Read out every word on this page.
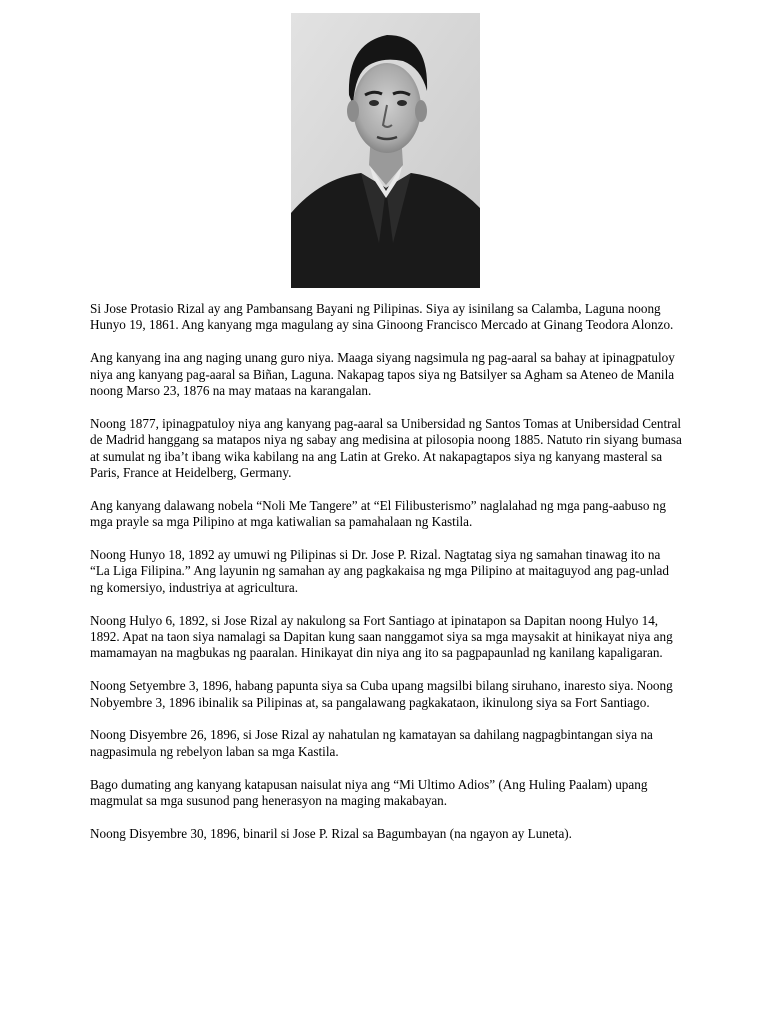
Si Jose Protasio Rizal ay ang Pambansang Bayani ng Pilipinas. Siya ay isinilang sa Calamba, Laguna noong Hunyo 19, 1861. Ang kanyang mga magulang ay sina Ginoong Francisco Mercado at Ginang Teodora Alonzo.

Ang kanyang ina ang naging unang guro niya. Maaga siyang nagsimula ng pag-aaral sa bahay at ipinagpatuloy niya ang kanyang pag-aaral sa Biñan, Laguna. Nakapag tapos siya ng Batsilyer sa Agham sa Ateneo de Manila noong Marso 23, 1876 na may mataas na karangalan.

Noong 1877, ipinagpatuloy niya ang kanyang pag-aaral sa Unibersidad ng Santos Tomas at Unibersidad Central de Madrid hanggang sa matapos niya ng sabay ang medisina at pilosopia noong 1885. Natuto rin siyang bumasa at sumulat ng iba’t ibang wika kabilang na ang Latin at Greko. At nakapagtapos siya ng kanyang masteral sa Paris, France at Heidelberg, Germany.

Ang kanyang dalawang nobela “Noli Me Tangere” at “El Filibusterismo” naglalahad ng mga pang-aabuso ng mga prayle sa mga Pilipino at mga katiwalian sa pamahalaan ng Kastila.

Noong Hunyo 18, 1892 ay umuwi ng Pilipinas si Dr. Jose P. Rizal. Nagtatag siya ng samahan tinawag ito na “La Liga Filipina.” Ang layunin ng samahan ay ang pagkakaisa ng mga Pilipino at maitaguyod ang pag-unlad ng komersiyo, industriya at agricultura.

Noong Hulyo 6, 1892, si Jose Rizal ay nakulong sa Fort Santiago at ipinatapon sa Dapitan noong Hulyo 14, 1892. Apat na taon siya namalagi sa Dapitan kung saan nanggamot siya sa mga maysakit at hinikayat niya ang mamamayan na magbukas ng paaralan. Hinikayat din niya ang ito sa pagpapaunlad ng kanilang kapaligaran.

Noong Setyembre 3, 1896, habang papunta siya sa Cuba upang magsilbi bilang siruhano, inaresto siya. Noong Nobyembre 3, 1896 ibinalik sa Pilipinas at, sa pangalawang pagkakataon, ikinulong siya sa Fort Santiago.

Noong Disyembre 26, 1896, si Jose Rizal ay nahatulan ng kamatayan sa dahilang nagpagbintangan siya na nagpasimula ng rebelyon laban sa mga Kastila.

Bago dumating ang kanyang katapusan naisulat niya ang “Mi Ultimo Adios” (Ang Huling Paalam) upang magmulat sa mga susunod pang henerasyon na maging makabayan.

Noong Disyembre 30, 1896, binaril si Jose P. Rizal sa Bagumbayan (na ngayon ay Luneta).
